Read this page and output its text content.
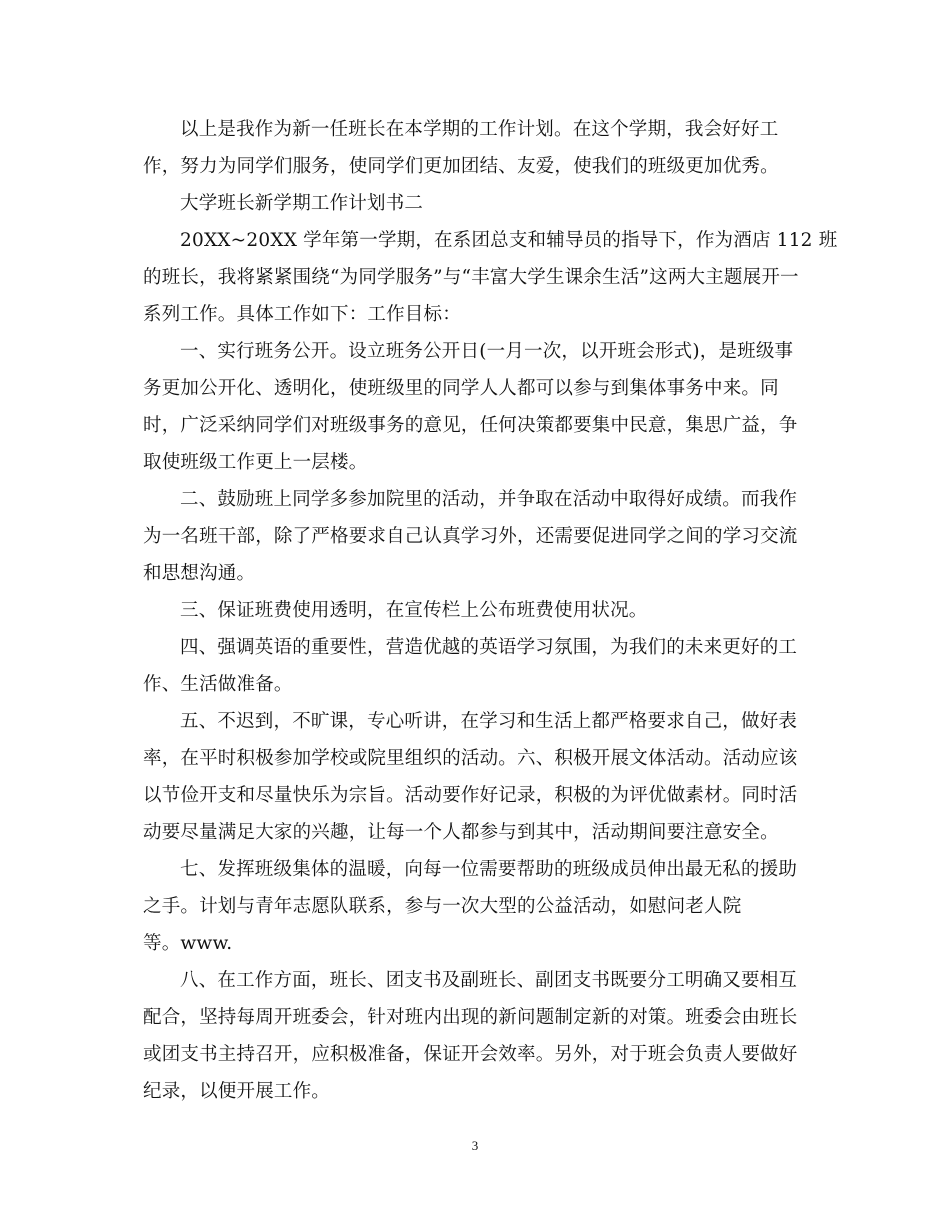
以上是我作为新一任班长在本学期的工作计划。在这个学期，我会好好工
作，努力为同学们服务，使同学们更加团结、友爱，使我们的班级更加优秀。
大学班长新学期工作计划书二
20XX~20XX 学年第一学期，在系团总支和辅导员的指导下，作为酒店 112 班
的班长，我将紧紧围绕“为同学服务”与“丰富大学生课余生活”这两大主题展开一
系列工作。具体工作如下：工作目标：
一、实行班务公开。设立班务公开日(一月一次，以开班会形式)，是班级事
务更加公开化、透明化，使班级里的同学人人都可以参与到集体事务中来。同
时，广泛采纳同学们对班级事务的意见，任何决策都要集中民意，集思广益，争
取使班级工作更上一层楼。
二、鼓励班上同学多参加院里的活动，并争取在活动中取得好成绩。而我作
为一名班干部，除了严格要求自己认真学习外，还需要促进同学之间的学习交流
和思想沟通。
三、保证班费使用透明，在宣传栏上公布班费使用状况。
四、强调英语的重要性，营造优越的英语学习氛围，为我们的未来更好的工
作、生活做准备。
五、不迟到，不旷课，专心听讲，在学习和生活上都严格要求自己，做好表
率，在平时积极参加学校或院里组织的活动。六、积极开展文体活动。活动应该
以节俭开支和尽量快乐为宗旨。活动要作好记录，积极的为评优做素材。同时活
动要尽量满足大家的兴趣，让每一个人都参与到其中，活动期间要注意安全。
七、发挥班级集体的温暖，向每一位需要帮助的班级成员伸出最无私的援助
之手。计划与青年志愿队联系，参与一次大型的公益活动，如慰问老人院
等。www.
八、在工作方面，班长、团支书及副班长、副团支书既要分工明确又要相互
配合，坚持每周开班委会，针对班内出现的新问题制定新的对策。班委会由班长
或团支书主持召开，应积极准备，保证开会效率。另外，对于班会负责人要做好
纪录，以便开展工作。
3
